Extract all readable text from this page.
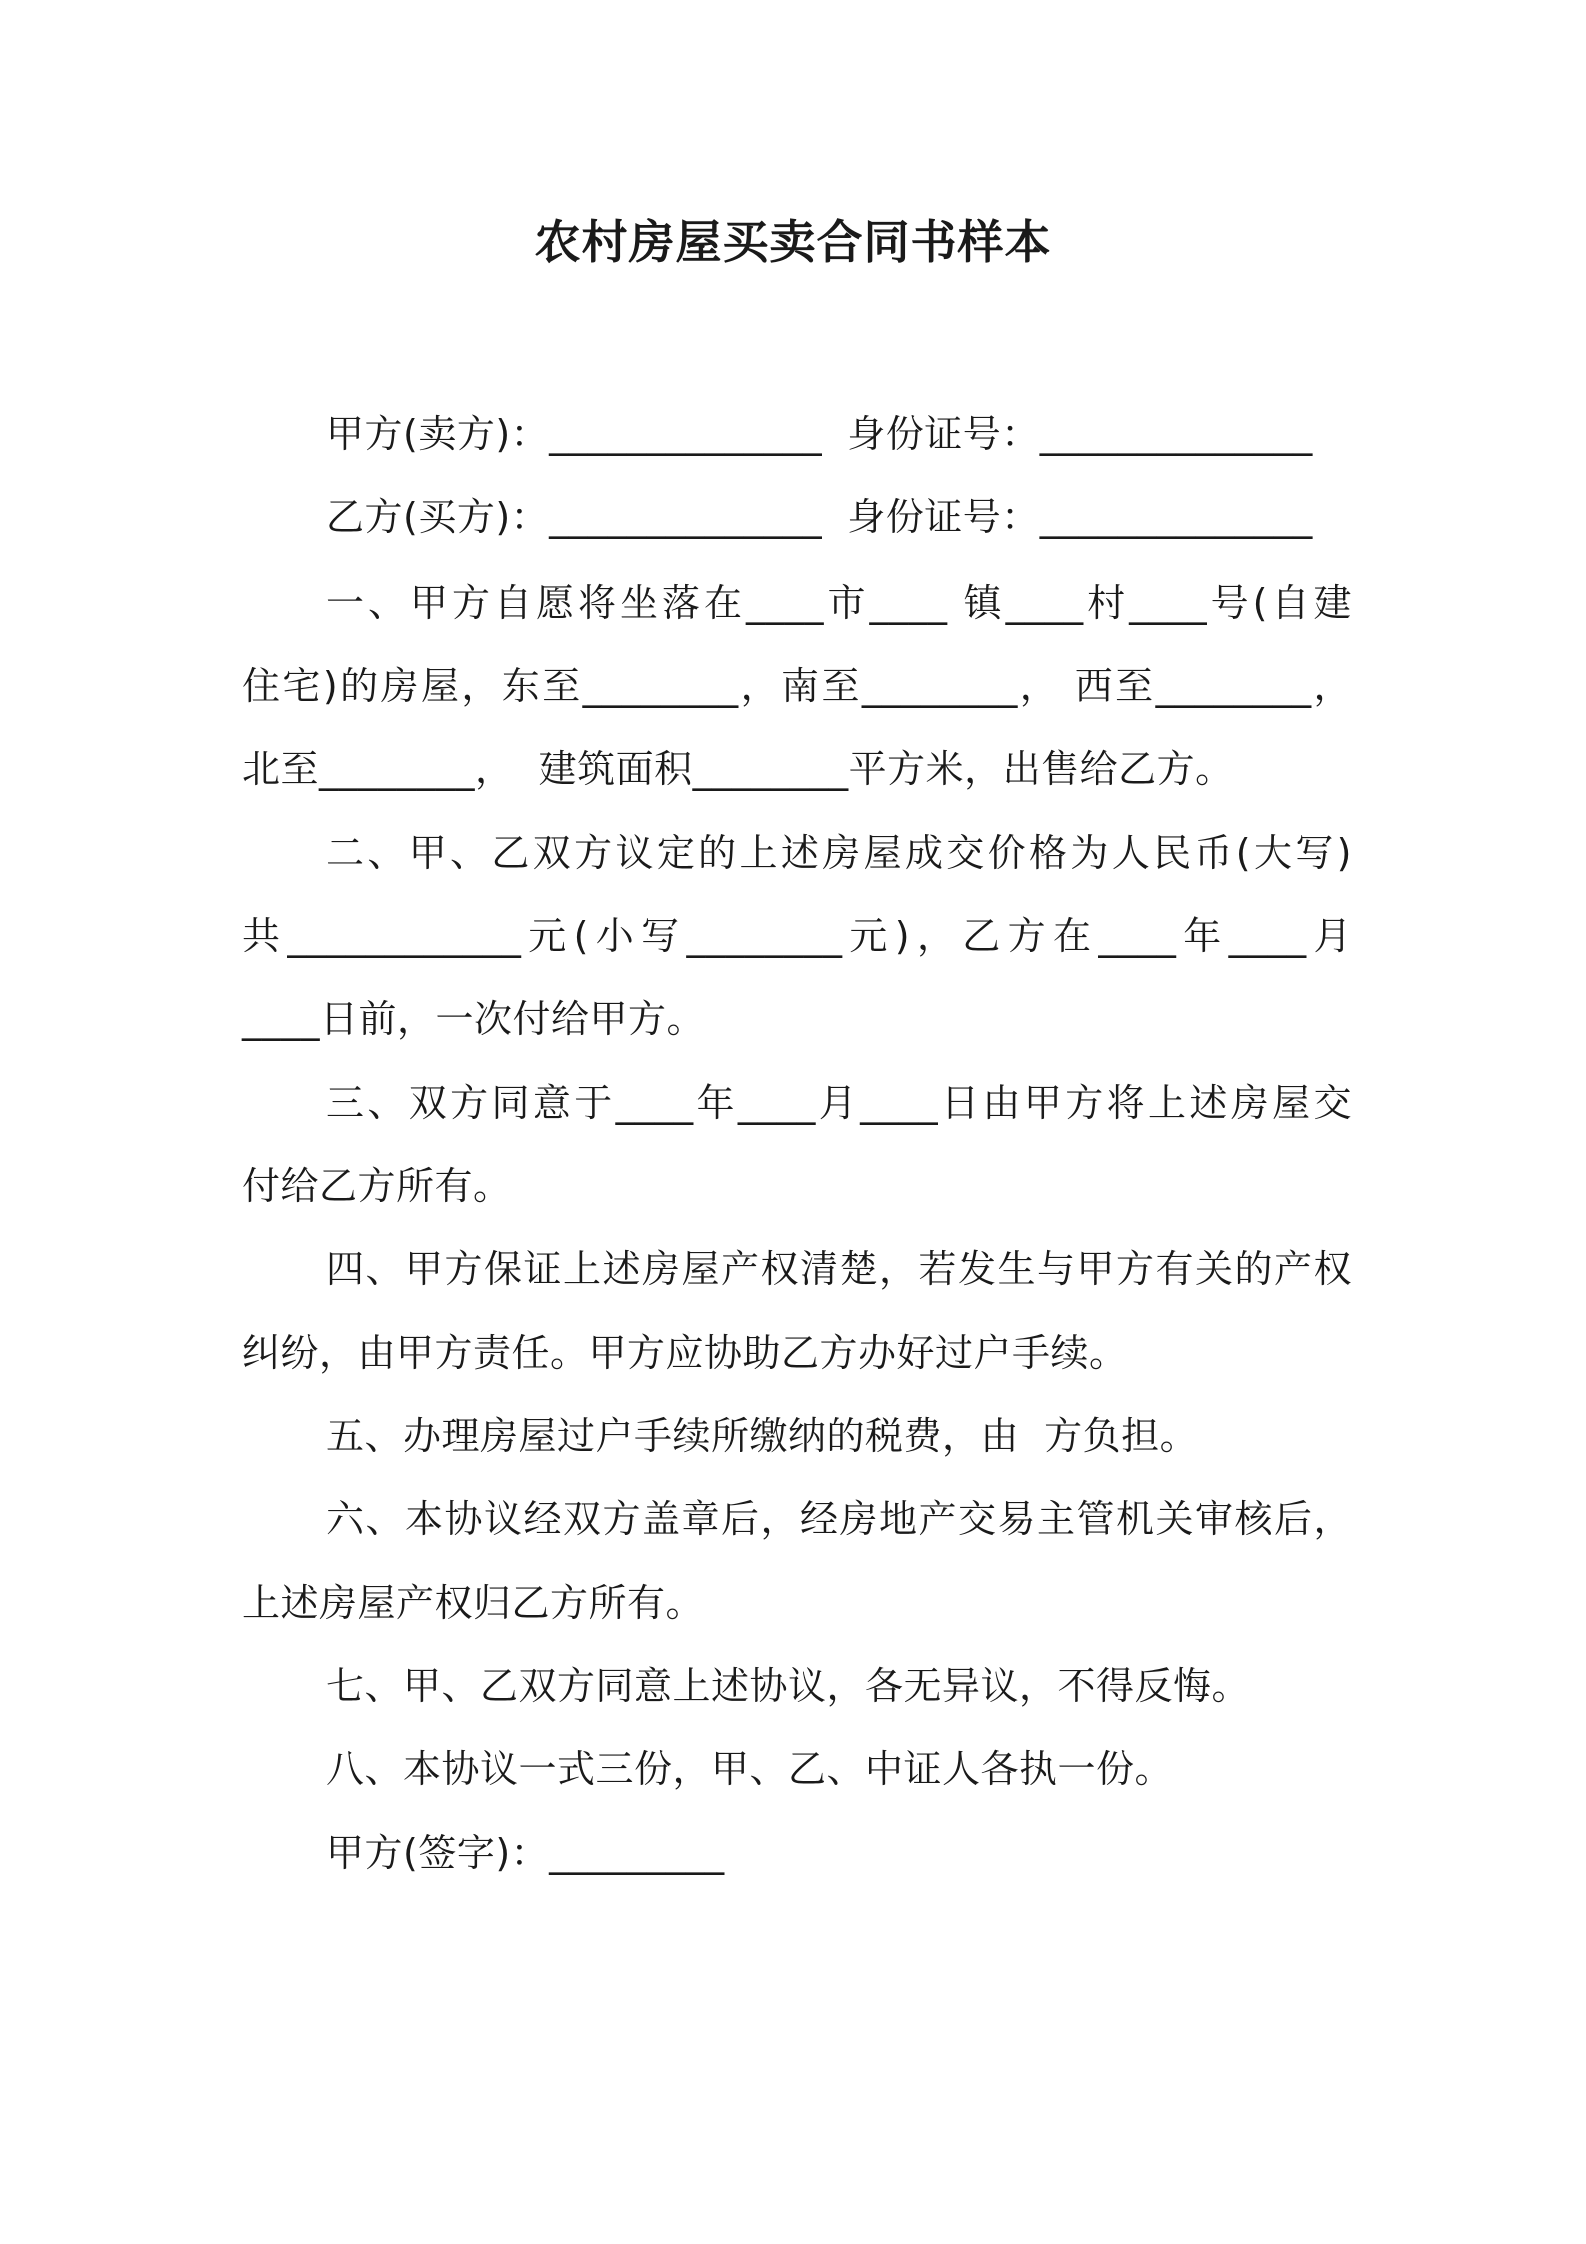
农村房屋买卖合同书样本
甲方(卖方)：______________  身份证号：______________
乙方(买方)：______________  身份证号：______________
一、甲方自愿将坐落在____市____ 镇____村____号(自建
住宅)的房屋，东至________，南至________， 西至________，
北至________，  建筑面积________平方米，出售给乙方。
二、甲、乙双方议定的上述房屋成交价格为人民币(大写)
共____________元(小写________元)，乙方在____年____月
____日前，一次付给甲方。
三、双方同意于____年____月____日由甲方将上述房屋交
付给乙方所有。
四、甲方保证上述房屋产权清楚，若发生与甲方有关的产权
纠纷，由甲方责任。甲方应协助乙方办好过户手续。
五、办理房屋过户手续所缴纳的税费，由  方负担。
六、本协议经双方盖章后，经房地产交易主管机关审核后，
上述房屋产权归乙方所有。
七、甲、乙双方同意上述协议，各无异议，不得反悔。
八、本协议一式三份，甲、乙、中证人各执一份。
甲方(签字)：_________
